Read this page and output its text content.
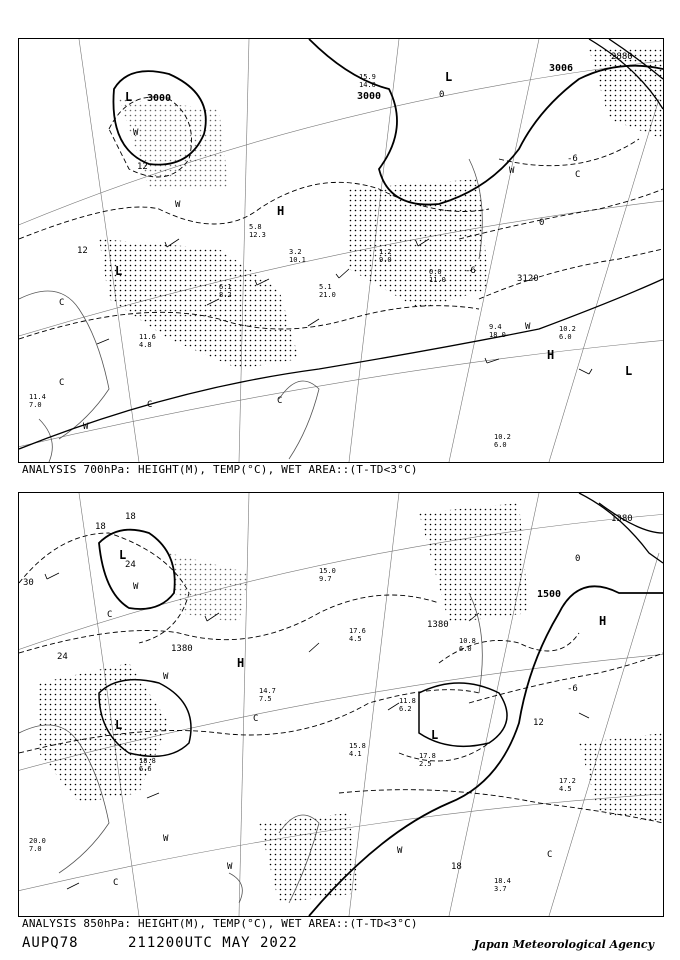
5.8
12.3
3.2
10.1
1.2
9.0
9.4
18.0
10.2
6.0
10.2
6.0
11.6
4.8
6.1
8.2
5.1
21.0
0.0
11.0
11.4
7.0
15.9
14.0
3000	3000
3006
2880
3120
12
12
0
-6
-6
0
L
L
L
H
H
L
W
W
W
W
C
C
C
C
W
C
ANALYSIS 700hPa: HEIGHT(M), TEMP(°C), WET AREA::(T-TD<3°C)
15.0
9.7
17.6
4.5
11.8
6.2
10.8
6.0
17.2
4.5
18.4
3.7
15.8
4.1
18.8
6.6
20.0
7.0
14.7
7.5
17.8
2.5
1380
1380
1380
1500
18
18
30
24
24
12
0
-6
18
L
L
H
H
L
W
C
W
W
W
C
W	C
C
ANALYSIS 850hPa: HEIGHT(M), TEMP(°C), WET AREA::(T-TD<3°C)
AUPQ78	211200UTC MAY 2022	Japan Meteorological Agency
